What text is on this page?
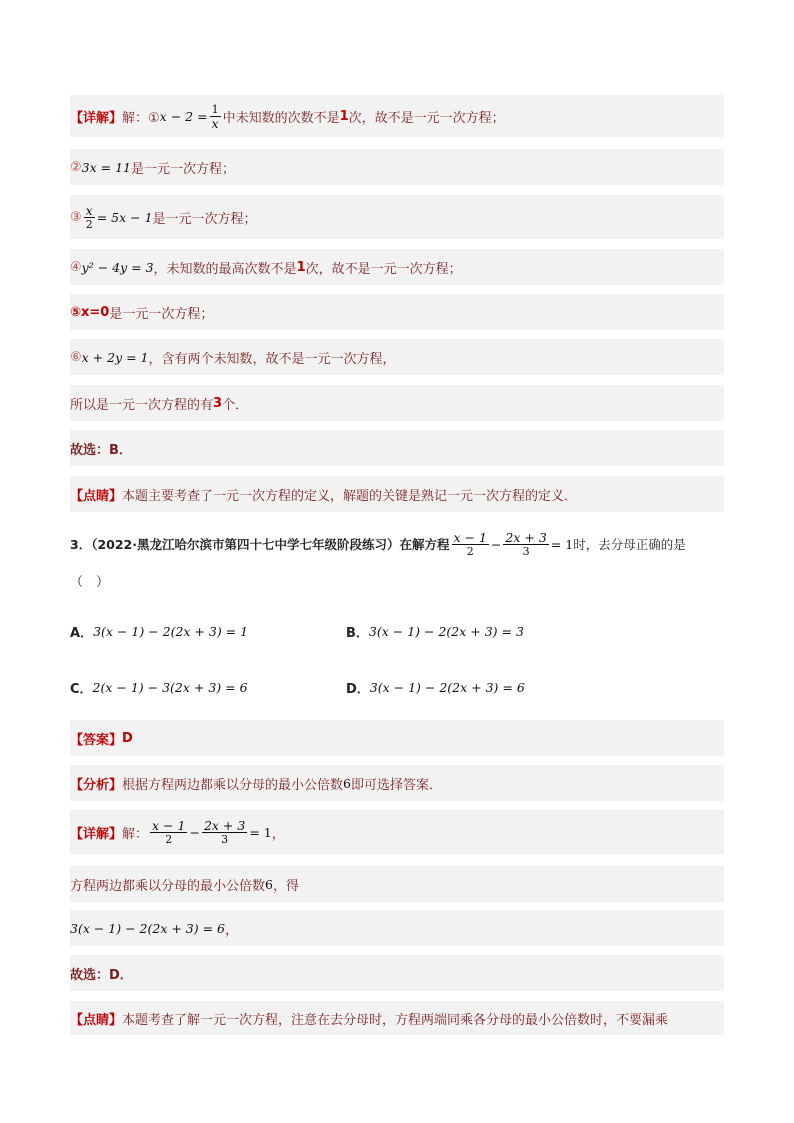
【详解】 解：① $x - 2 = \frac{1}{x}$ 中未知数的次数不是 1 次，故不是一元一次方程；
② 3x = 11 是一元一次方程；
③ $\frac{x}{2} = 5x - 1$ 是一元一次方程；
④ y² − 4y = 3 ，未知数的最高次数不是 1 次，故不是一元一次方程；
⑤x=0 是一元一次方程；
⑥ x + 2y = 1 ，含有两个未知数，故不是一元一次方程，
所以是一元一次方程的有 3 个．
故选：B．
【点睛】 本题主要考查了一元一次方程的定义，解题的关键是熟记一元一次方程的定义．
3．（2022·黑龙江哈尔滨市第四十七中学七年级阶段练习）在解方程 $\frac{x - 1}{2} - \frac{2x + 3}{3} = 1$ 时，去分母正确的是
（　）
A． 3(x − 1) − 2(2x + 3) = 1	B． 3(x − 1) − 2(2x + 3) = 3
C． 2(x − 1) − 3(2x + 3) = 6	D． 3(x − 1) − 2(2x + 3) = 6
【答案】 D
【分析】 根据方程两边都乘以分母的最小公倍数 6 即可选择答案．
【详解】 解： $\frac{x - 1}{2} - \frac{2x + 3}{3} = 1$ ，
方程两边都乘以分母的最小公倍数 6 ，得
3(x − 1) − 2(2x + 3) = 6 ，
故选：D．
【点睛】 本题考查了解一元一次方程，注意在去分母时，方程两端同乘各分母的最小公倍数时，不要漏乘
